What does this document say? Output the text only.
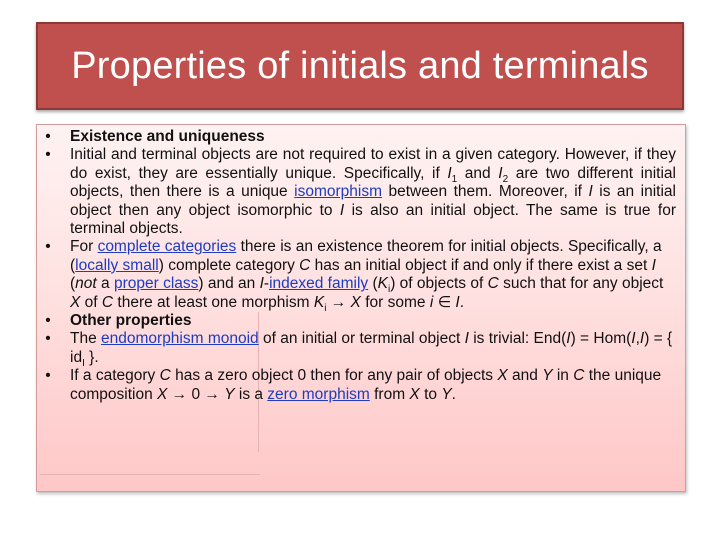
Properties of initials and terminals
• Existence and uniqueness
• Initial and terminal objects are not required to exist in a given category. However, if they do exist, they are essentially unique. Specifically, if $I_1$ and $I_2$ are two different initial objects, then there is a unique isomorphism between them. Moreover, if I is an initial object then any object isomorphic to I is also an initial object. The same is true for terminal objects.
• For complete categories there is an existence theorem for initial objects. Specifically, a (locally small) complete category C has an initial object if and only if there exist a set I (not a proper class) and an I-indexed family $(K_i)$ of objects of C such that for any object X of C there at least one morphism $K_i \to X$ for some i ∈ I.
• Other properties
• The endomorphism monoid of an initial or terminal object I is trivial: End(I) = Hom(I,I) = { $id_I$ }.
• If a category C has a zero object 0 then for any pair of objects X and Y in C the unique composition X → 0 → Y is a zero morphism from X to Y.
